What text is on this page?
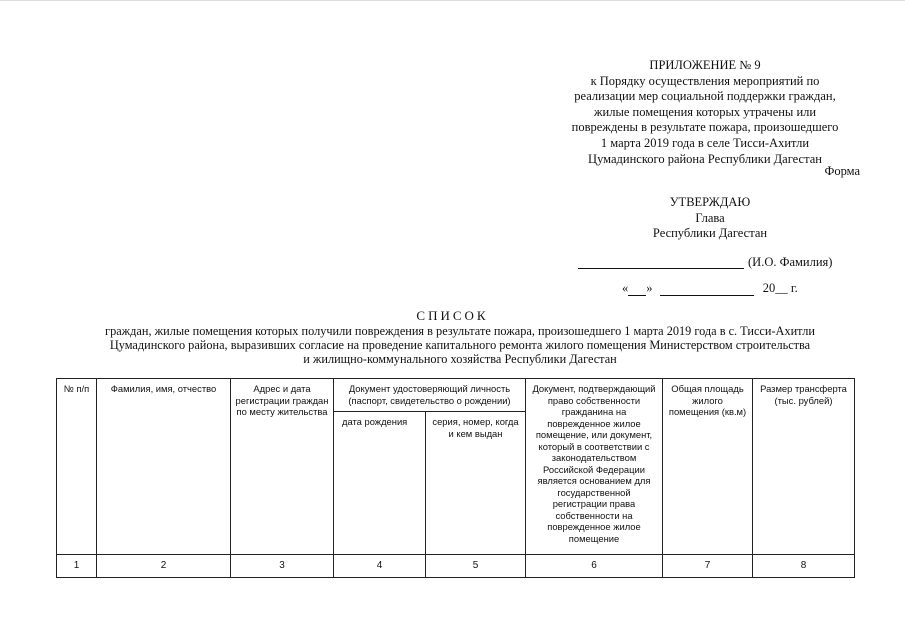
ПРИЛОЖЕНИЕ № 9
к Порядку осуществления мероприятий по
реализации мер социальной поддержки граждан,
жилые помещения которых утрачены или
повреждены в результате пожара, произошедшего
1 марта 2019 года в селе Тисси-Ахитли
Цумадинского района Республики Дагестан
Форма
УТВЕРЖДАЮ
Глава
Республики Дагестан
(И.О. Фамилия)
« »	20__ г.
СПИСОК
граждан, жилые помещения которых получили повреждения в результате пожара, произошедшего 1 марта 2019 года в с. Тисси-Ахитли
Цумадинского района, выразивших согласие на проведение капитального ремонта жилого помещения Министерством строительства
и жилищно-коммунального хозяйства Республики Дагестан
№ п/п	Фамилия, имя, отчество	Адрес и дата регистрации граждан по месту жительства	Документ удостоверяющий личность (паспорт, свидетельство о рождении)		Документ, подтверждающий право собственности гражданина на поврежденное жилое помещение, или документ, который в соответствии с законодательством Российской Федерации является основанием для государственной регистрации права собственности на поврежденное жилое помещение	Общая площадь жилого помещения (кв.м)	Размер трансферта (тыс. рублей)
			дата рождения	серия, номер, когда и кем выдан			
1	2	3	4	5	6	7	8
